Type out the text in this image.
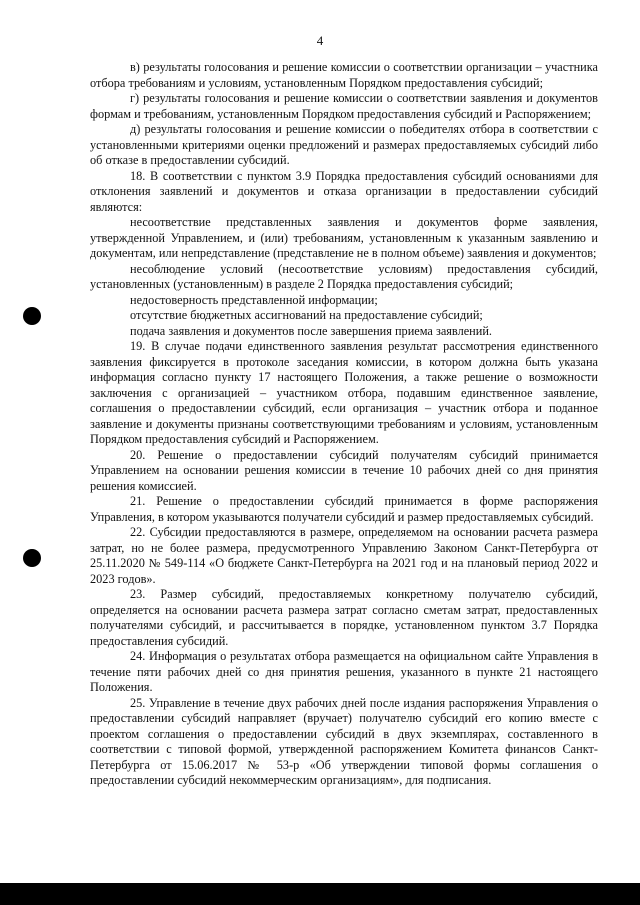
4

в) результаты голосования и решение комиссии о соответствии организации – участника отбора требованиям и условиям, установленным Порядком предоставления субсидий;

г) результаты голосования и решение комиссии о соответствии заявления и документов формам и требованиям, установленным Порядком предоставления субсидий и Распоряжением;

д) результаты голосования и решение комиссии о победителях отбора в соответствии с установленными критериями оценки предложений и размерах предоставляемых субсидий либо об отказе в предоставлении субсидий.

18. В соответствии с пунктом 3.9 Порядка предоставления субсидий основаниями для отклонения заявлений и документов и отказа организации в предоставлении субсидий являются:

несоответствие представленных заявления и документов форме заявления, утвержденной Управлением, и (или) требованиям, установленным к указанным заявлению и документам, или непредставление (представление не в полном объеме) заявления и документов;

несоблюдение условий (несоответствие условиям) предоставления субсидий, установленных (установленным) в разделе 2 Порядка предоставления субсидий;

недостоверность представленной информации;

отсутствие бюджетных ассигнований на предоставление субсидий;

подача заявления и документов после завершения приема заявлений.

19. В случае подачи единственного заявления результат рассмотрения единственного заявления фиксируется в протоколе заседания комиссии, в котором должна быть указана информация согласно пункту 17 настоящего Положения, а также решение о возможности заключения с организацией – участником отбора, подавшим единственное заявление, соглашения о предоставлении субсидий, если организация – участник отбора и поданное заявление и документы признаны соответствующими требованиям и условиям, установленным Порядком предоставления субсидий и Распоряжением.

20. Решение о предоставлении субсидий получателям субсидий принимается Управлением на основании решения комиссии в течение 10 рабочих дней со дня принятия решения комиссией.

21. Решение о предоставлении субсидий принимается в форме распоряжения Управления, в котором указываются получатели субсидий и размер предоставляемых субсидий.

22. Субсидии предоставляются в размере, определяемом на основании расчета размера затрат, но не более размера, предусмотренного Управлению Законом Санкт-Петербурга от 25.11.2020 № 549-114 «О бюджете Санкт-Петербурга на 2021 год и на плановый период 2022 и 2023 годов».

23. Размер субсидий, предоставляемых конкретному получателю субсидий, определяется на основании расчета размера затрат согласно сметам затрат, предоставленных получателями субсидий, и рассчитывается в порядке, установленном пунктом 3.7 Порядка предоставления субсидий.

24. Информация о результатах отбора размещается на официальном сайте Управления в течение пяти рабочих дней со дня принятия решения, указанного в пункте 21 настоящего Положения.

25. Управление в течение двух рабочих дней после издания распоряжения Управления о предоставлении субсидий направляет (вручает) получателю субсидий его копию вместе с проектом соглашения о предоставлении субсидий в двух экземплярах, составленного в соответствии с типовой формой, утвержденной распоряжением Комитета финансов Санкт-Петербурга от 15.06.2017 № 53-р «Об утверждении типовой формы соглашения о предоставлении субсидий некоммерческим организациям», для подписания.
